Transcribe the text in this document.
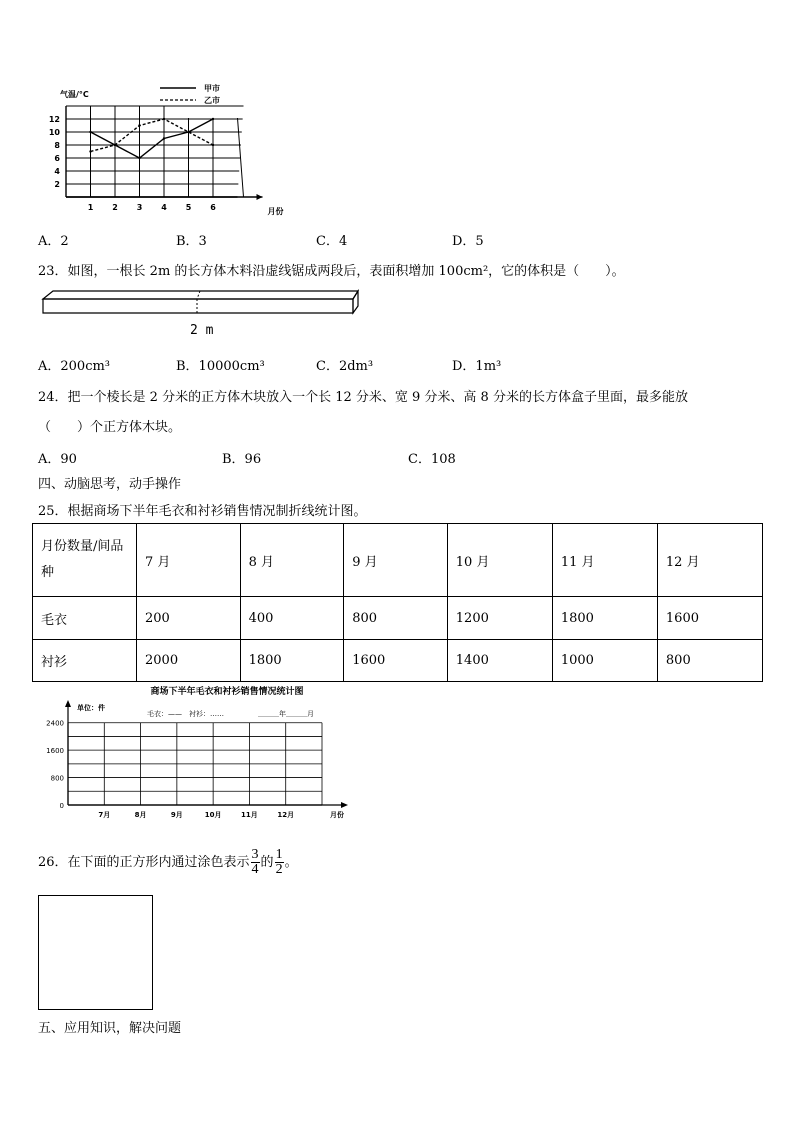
2
4
6
8
10
12
1 2 3 4 5 6	月份
气温/°C
甲市
乙市
A．2	B．3	C．4	D．5
23．如图，一根长 2m 的长方体木料沿虚线锯成两段后，表面积增加 100cm²，它的体积是（　　）。
2 m
A．200cm³	B．10000cm³	C．2dm³	D．1m³
24．把一个棱长是 2 分米的正方体木块放入一个长 12 分米、宽 9 分米、高 8 分米的长方体盒子里面，最多能放
（　　）个正方体木块。
A．90	B．96	C．108
四、动脑思考，动手操作
25．根据商场下半年毛衣和衬衫销售情况制折线统计图。
月份数量/间品
种	7 月	8 月	9 月	10 月	11 月	12 月
毛衣	200	400	800	1200	1800	1600
衬衫	2000	1800	1600	1400	1000	800
商场下半年毛衣和衬衫销售情况统计图
单位：件
毛衣：——　衬衫：……	＿＿＿年＿＿＿月
2400
1600
800
0
7月	8月	9月	10月	11月	12月	月份
26．在下面的正方形内通过涂色表示 $\frac{3}{4}$ 的 $\frac{1}{2}$ 。
五、应用知识，解决问题
